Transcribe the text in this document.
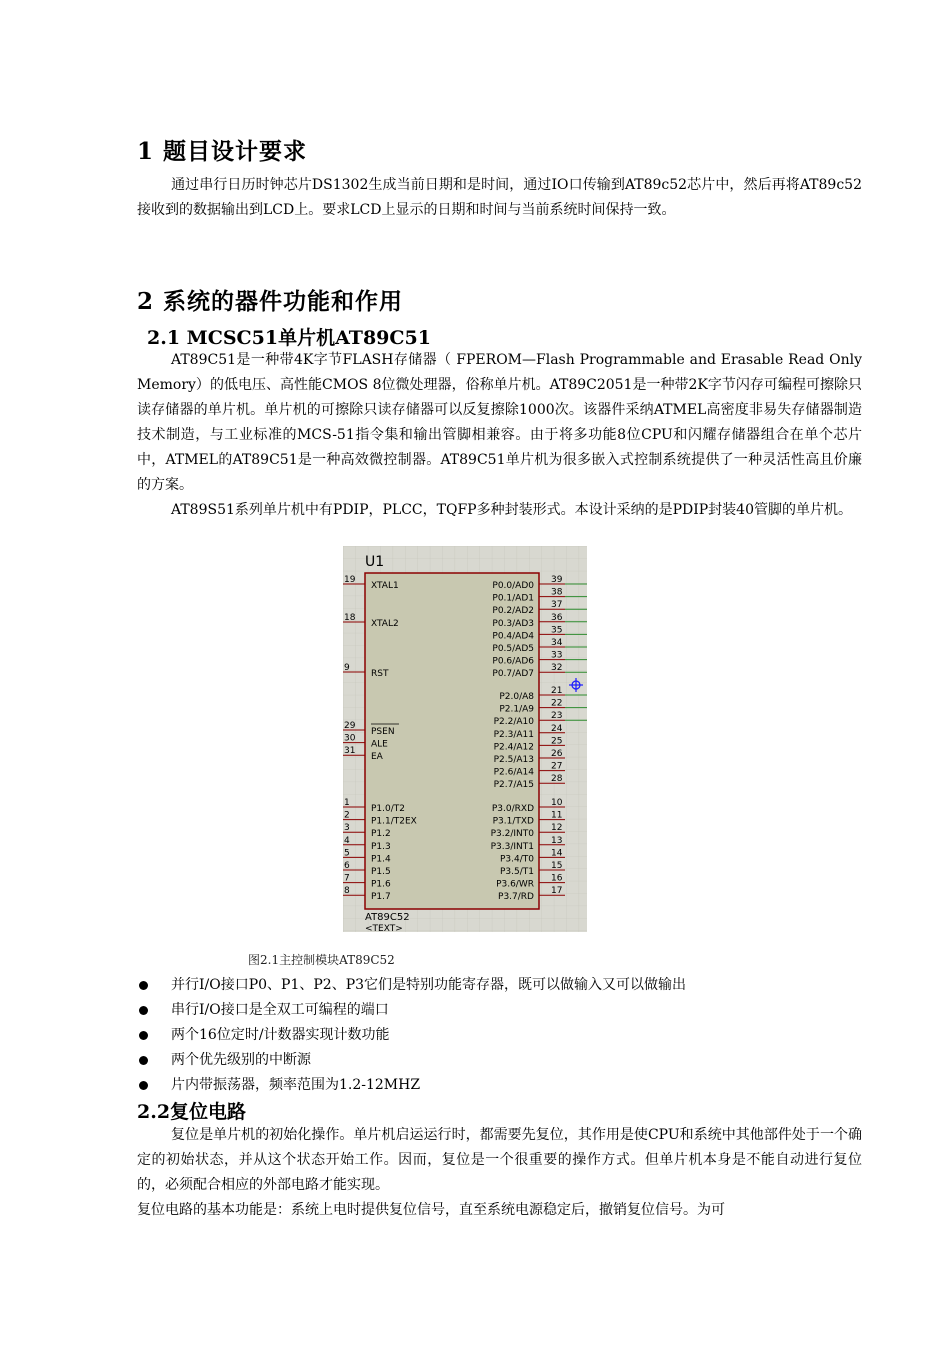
1 题目设计要求
通过串行日历时钟芯片DS1302生成当前日期和是时间，通过IO口传输到AT89c52芯片中，然后再将AT89c52接收到的数据输出到LCD上。要求LCD上显示的日期和时间与当前系统时间保持一致。
2 系统的器件功能和作用
2.1 MCSC51单片机AT89C51
AT89C51是一种带4K字节FLASH存储器（ FPEROM—Flash Programmable and Erasable Read Only Memory）的低电压、高性能CMOS 8位微处理器，俗称单片机。AT89C2051是一种带2K字节闪存可编程可擦除只读存储器的单片机。单片机的可擦除只读存储器可以反复擦除1000次。该器件采纳ATMEL高密度非易失存储器制造技术制造，与工业标准的MCS-51指令集和输出管脚相兼容。由于将多功能8位CPU和闪耀存储器组合在单个芯片中，ATMEL的AT89C51是一种高效微控制器。AT89C51单片机为很多嵌入式控制系统提供了一种灵活性高且价廉的方案。
AT89S51系列单片机中有PDIP，PLCC，TQFP多种封装形式。本设计采纳的是PDIP封装40管脚的单片机。
U1
19
XTAL1
18
XTAL2
9
RST
29
PSEN
30
ALE
31
EA
1
P1.0/T2
2
P1.1/T2EX
3
P1.2
4
P1.3
5
P1.4
6
P1.5
7
P1.6
8
P1.7
39
P0.0/AD0
38
P0.1/AD1
37
P0.2/AD2
36
P0.3/AD3
35
P0.4/AD4
34
P0.5/AD5
33
P0.6/AD6
32
P0.7/AD7
21
P2.0/A8
22
P2.1/A9
23
P2.2/A10
24
P2.3/A11
25
P2.4/A12
26
P2.5/A13
27
P2.6/A14
28
P2.7/A15
10
P3.0/RXD
11
P3.1/TXD
12
P3.2/INT0
13
P3.3/INT1
14
P3.4/T0
15
P3.5/T1
16
P3.6/WR
17
P3.7/RD
AT89C52
<TEXT>
图2.1主控制模块AT89C52
并行I/O接口P0、P1、P2、P3它们是特别功能寄存器，既可以做输入又可以做输出
串行I/O接口是全双工可编程的端口
两个16位定时/计数器实现计数功能
两个优先级别的中断源
片内带振荡器，频率范围为1.2-12MHZ
2.2复位电路
复位是单片机的初始化操作。单片机启运运行时，都需要先复位，其作用是使CPU和系统中其他部件处于一个确定的初始状态，并从这个状态开始工作。因而，复位是一个很重要的操作方式。但单片机本身是不能自动进行复位的，必须配合相应的外部电路才能实现。
复位电路的基本功能是：系统上电时提供复位信号，直至系统电源稳定后，撤销复位信号。为可
